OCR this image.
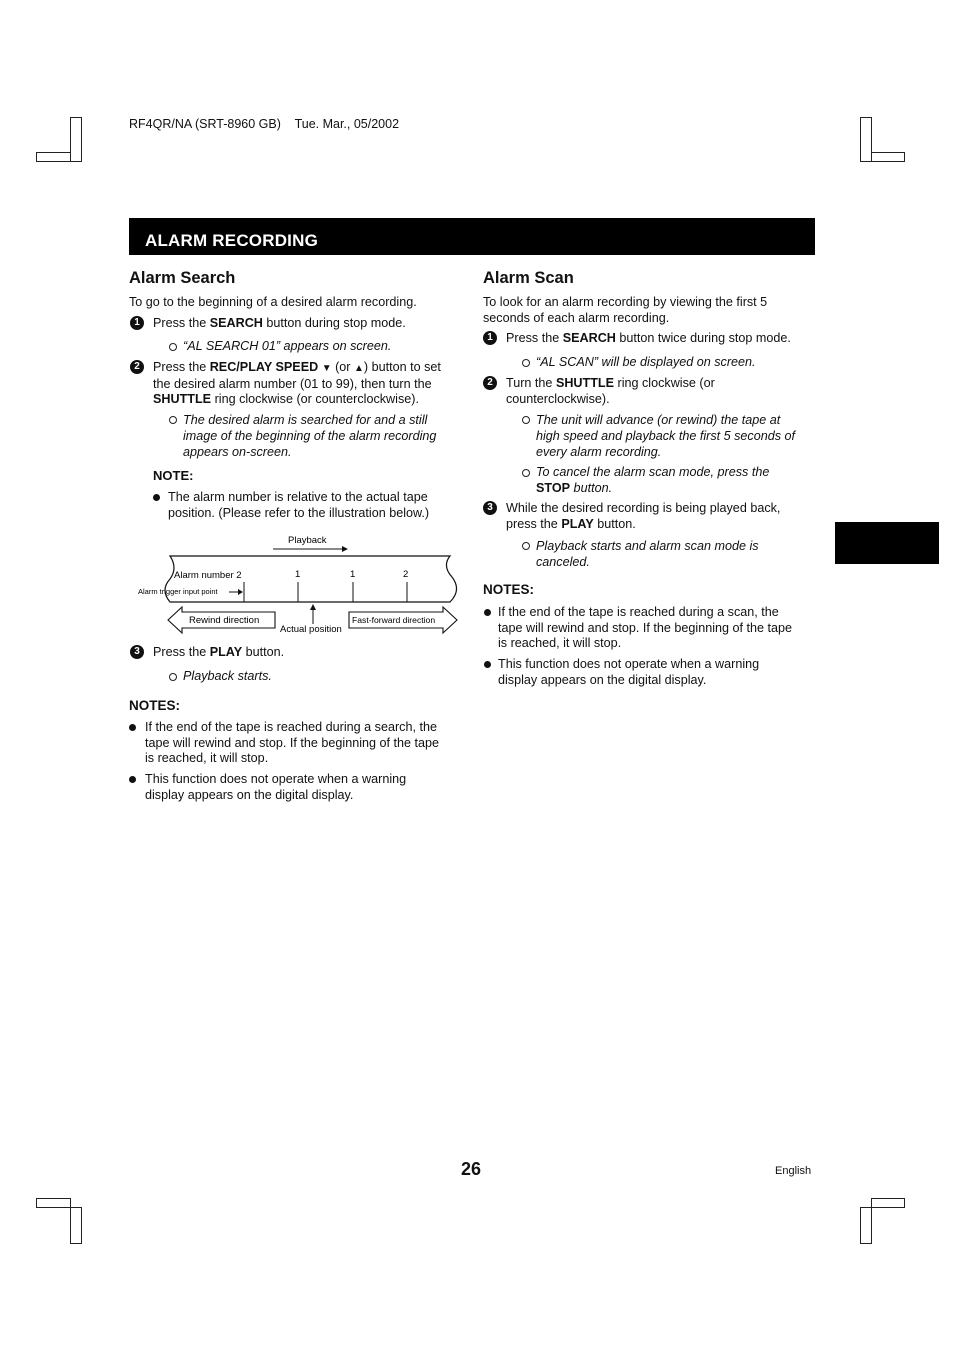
RF4QR/NA (SRT-8960 GB)    Tue. Mar., 05/2002
ALARM RECORDING
Alarm Search
To go to the beginning of a desired alarm recording.
1	Press the SEARCH button during stop mode.
“AL SEARCH 01” appears on screen.
2	Press the REC/PLAY SPEED ▼ (or ▲) button to set
the desired alarm number (01 to 99), then turn the
SHUTTLE ring clockwise (or counterclockwise).
The desired alarm is searched for and a still
image of the beginning of the alarm recording
appears on-screen.
NOTE:
The alarm number is relative to the actual tape
position. (Please refer to the illustration below.)
Playback
Alarm number 2	1	1	2
Alarm trigger input point
Rewind direction
Actual position
Fast-forward direction
3	Press the PLAY button.
Playback starts.
NOTES:
If the end of the tape is reached during a search, the
tape will rewind and stop. If the beginning of the tape
is reached, it will stop.
This function does not operate when a warning
display appears on the digital display.
Alarm Scan
To look for an alarm recording by viewing the first 5
seconds of each alarm recording.
1	Press the SEARCH button twice during stop mode.
“AL SCAN” will be displayed on screen.
2	Turn the SHUTTLE ring clockwise (or
counterclockwise).
The unit will advance (or rewind) the tape at
high speed and playback the first 5 seconds of
every alarm recording.
To cancel the alarm scan mode, press the
STOP button.
3	While the desired recording is being played back,
press the PLAY button.
Playback starts and alarm scan mode is
canceled.
NOTES:
If the end of the tape is reached during a scan, the
tape will rewind and stop. If the beginning of the tape
is reached, it will stop.
This function does not operate when a warning
display appears on the digital display.
26	English
